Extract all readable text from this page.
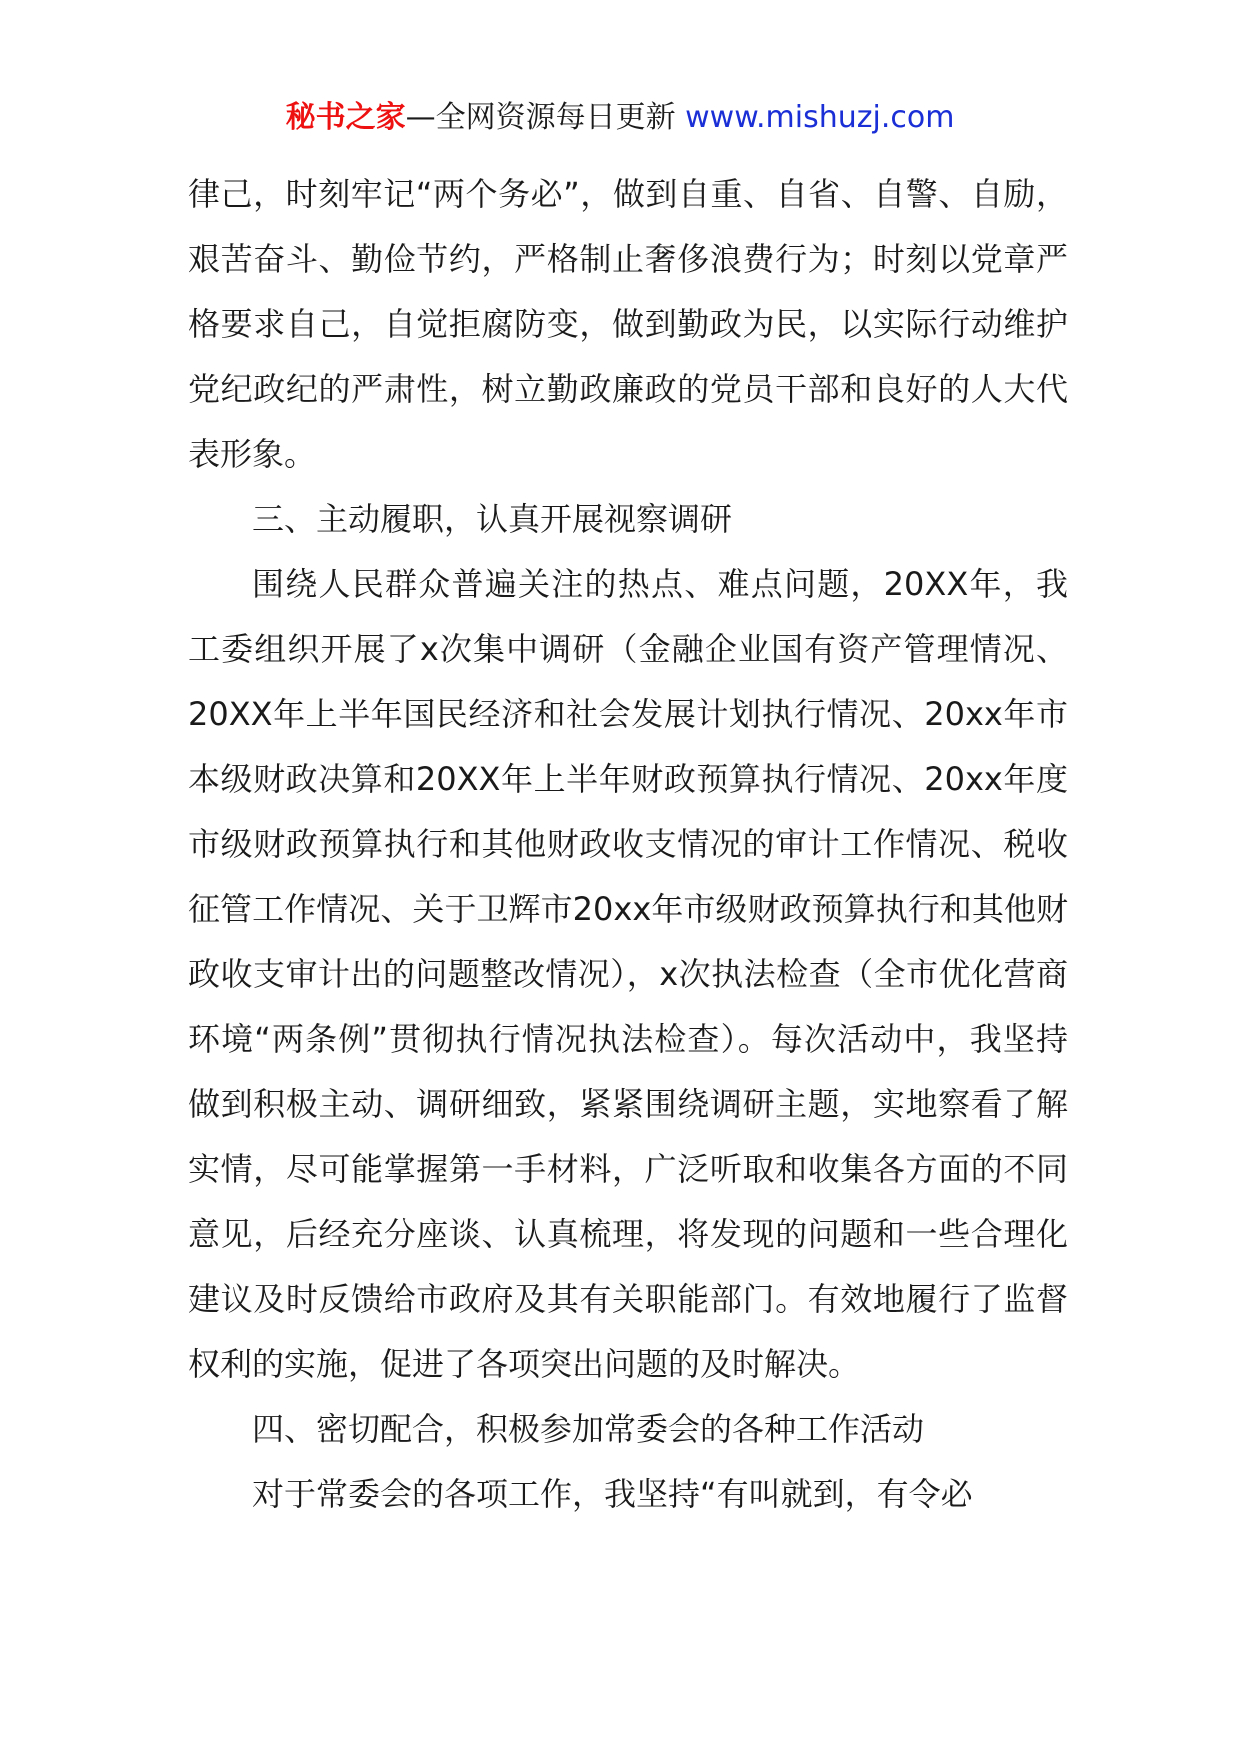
秘书之家—全网资源每日更新 www.mishuzj.com

律己，时刻牢记“两个务必”，做到自重、自省、自警、自励，艰苦奋斗、勤俭节约，严格制止奢侈浪费行为；时刻以党章严格要求自己，自觉拒腐防变，做到勤政为民，以实际行动维护党纪政纪的严肃性，树立勤政廉政的党员干部和良好的人大代表形象。

三、主动履职，认真开展视察调研

围绕人民群众普遍关注的热点、难点问题，20XX年，我工委组织开展了x次集中调研（金融企业国有资产管理情况、20XX年上半年国民经济和社会发展计划执行情况、20xx年市本级财政决算和20XX年上半年财政预算执行情况、20xx年度市级财政预算执行和其他财政收支情况的审计工作情况、税收征管工作情况、关于卫辉市20xx年市级财政预算执行和其他财政收支审计出的问题整改情况），x次执法检查（全市优化营商环境“两条例”贯彻执行情况执法检查）。每次活动中，我坚持做到积极主动、调研细致，紧紧围绕调研主题，实地察看了解实情，尽可能掌握第一手材料，广泛听取和收集各方面的不同意见，后经充分座谈、认真梳理，将发现的问题和一些合理化建议及时反馈给市政府及其有关职能部门。有效地履行了监督权利的实施，促进了各项突出问题的及时解决。

四、密切配合，积极参加常委会的各种工作活动

对于常委会的各项工作，我坚持“有叫就到，有令必
